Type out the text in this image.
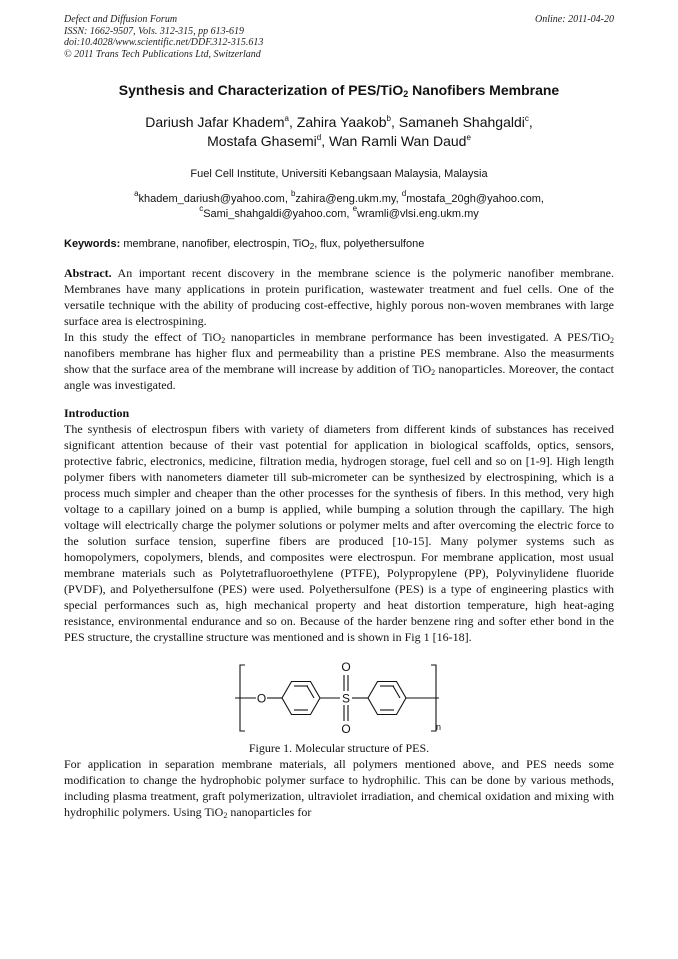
Defect and Diffusion Forum
ISSN: 1662-9507, Vols. 312-315, pp 613-619
doi:10.4028/www.scientific.net/DDF.312-315.613
© 2011 Trans Tech Publications Ltd, Switzerland
Online: 2011-04-20
Synthesis and Characterization of PES/TiO$_2$ Nanofibers Membrane
Dariush Jafar Khadem$^a$, Zahira Yaakob$^b$, Samaneh Shahgaldi$^c$,
Mostafa Ghasemi$^d$, Wan Ramli Wan Daud$^e$
Fuel Cell Institute, Universiti Kebangsaan Malaysia, Malaysia
$^a$khadem_dariush@yahoo.com, $^b$zahira@eng.ukm.my, $^d$mostafa_20gh@yahoo.com,
$^c$Sami_shahgaldi@yahoo.com, $^e$wramli@vlsi.eng.ukm.my
Keywords: membrane, nanofiber, electrospin, TiO$_2$, flux, polyethersulfone

Abstract. An important recent discovery in the membrane science is the polymeric nanofiber membrane. Membranes have many applications in protein purification, wastewater treatment and fuel cells. One of the versatile technique with the ability of producing cost-effective, highly porous non-woven membranes with large surface area is electrospining.

In this study the effect of TiO$_2$ nanoparticles in membrane performance has been investigated. A PES/TiO$_2$ nanofibers membrane has higher flux and permeability than a pristine PES membrane. Also the measurments show that the surface area of the membrane will increase by addition of TiO$_2$ nanoparticles. Moreover, the contact angle was investigated.

Introduction

The synthesis of electrospun fibers with variety of diameters from different kinds of substances has received significant attention because of their vast potential for application in biological scaffolds, optics, sensors, protective fabric, electronics, medicine, filtration media, hydrogen storage, fuel cell and so on [1-9]. High length polymer fibers with nanometers diameter till sub-micrometer can be synthesized by electrospining, which is a process much simpler and cheaper than the other processes for the synthesis of fibers. In this method, very high voltage to a capillary joined on a bump is applied, while bumping a solution through the capillary. The high voltage will electrically charge the polymer solutions or polymer melts and after overcoming the electric force to the solution surface tension, superfine fibers are produced [10-15]. Many polymer systems such as homopolymers, copolymers, blends, and composites were electrospun. For membrane application, most usual membrane materials such as Polytetrafluoroethylene (PTFE), Polypropylene (PP), Polyvinylidene fluoride (PVDF), and Polyethersulfone (PES) were used. Polyethersulfone (PES) is a type of engineering plastics with special performances such as, high mechanical property and heat distortion temperature, high heat-aging resistance, environmental endurance and so on. Because of the harder benzene ring and softer ether bond in the PES structure, the crystalline structure was mentioned and is shown in Fig 1 [16-18].

O	S
O
O	n
Figure 1. Molecular structure of PES.

For application in separation membrane materials, all polymers mentioned above, and PES needs some modification to change the hydrophobic polymer surface to hydrophilic. This can be done by various methods, including plasma treatment, graft polymerization, ultraviolet irradiation, and chemical oxidation and mixing with hydrophilic polymers. Using TiO$_2$ nanoparticles for
